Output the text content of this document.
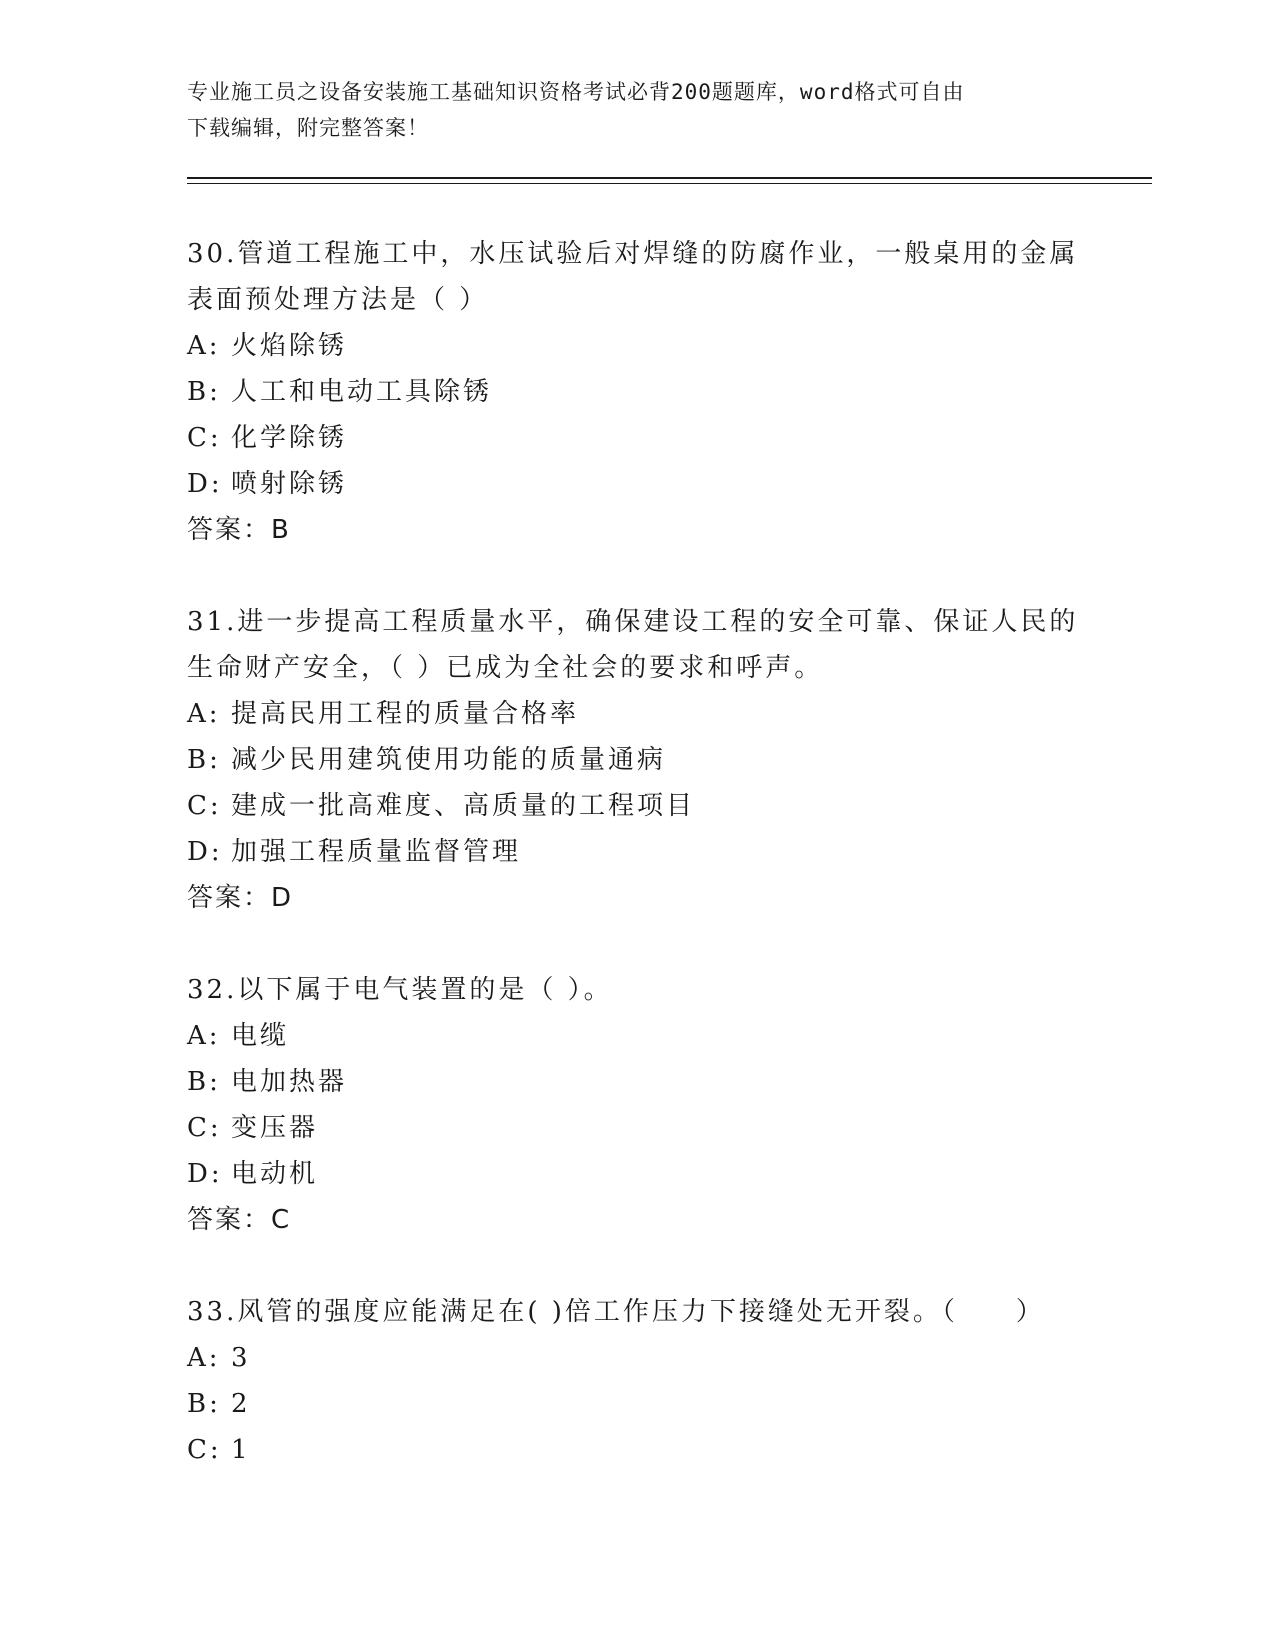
专业施工员之设备安装施工基础知识资格考试必背200题题库，word格式可自由
下载编辑，附完整答案！

30.管道工程施工中，水压试验后对焊缝的防腐作业，一般桌用的金属
表面预处理方法是（ ）

A: 火焰除锈

B: 人工和电动工具除锈

C: 化学除锈

D: 喷射除锈

答案：B

31.进一步提高工程质量水平，确保建设工程的安全可靠、保证人民的
生命财产安全，（ ）已成为全社会的要求和呼声。

A: 提高民用工程的质量合格率

B: 减少民用建筑使用功能的质量通病

C: 建成一批高难度、高质量的工程项目

D: 加强工程质量监督管理

答案：D

32.以下属于电气装置的是（ ）。

A: 电缆

B: 电加热器

C: 变压器

D: 电动机

答案：C

33.风管的强度应能满足在( )倍工作压力下接缝处无开裂。（　　）

A: 3

B: 2

C: 1
